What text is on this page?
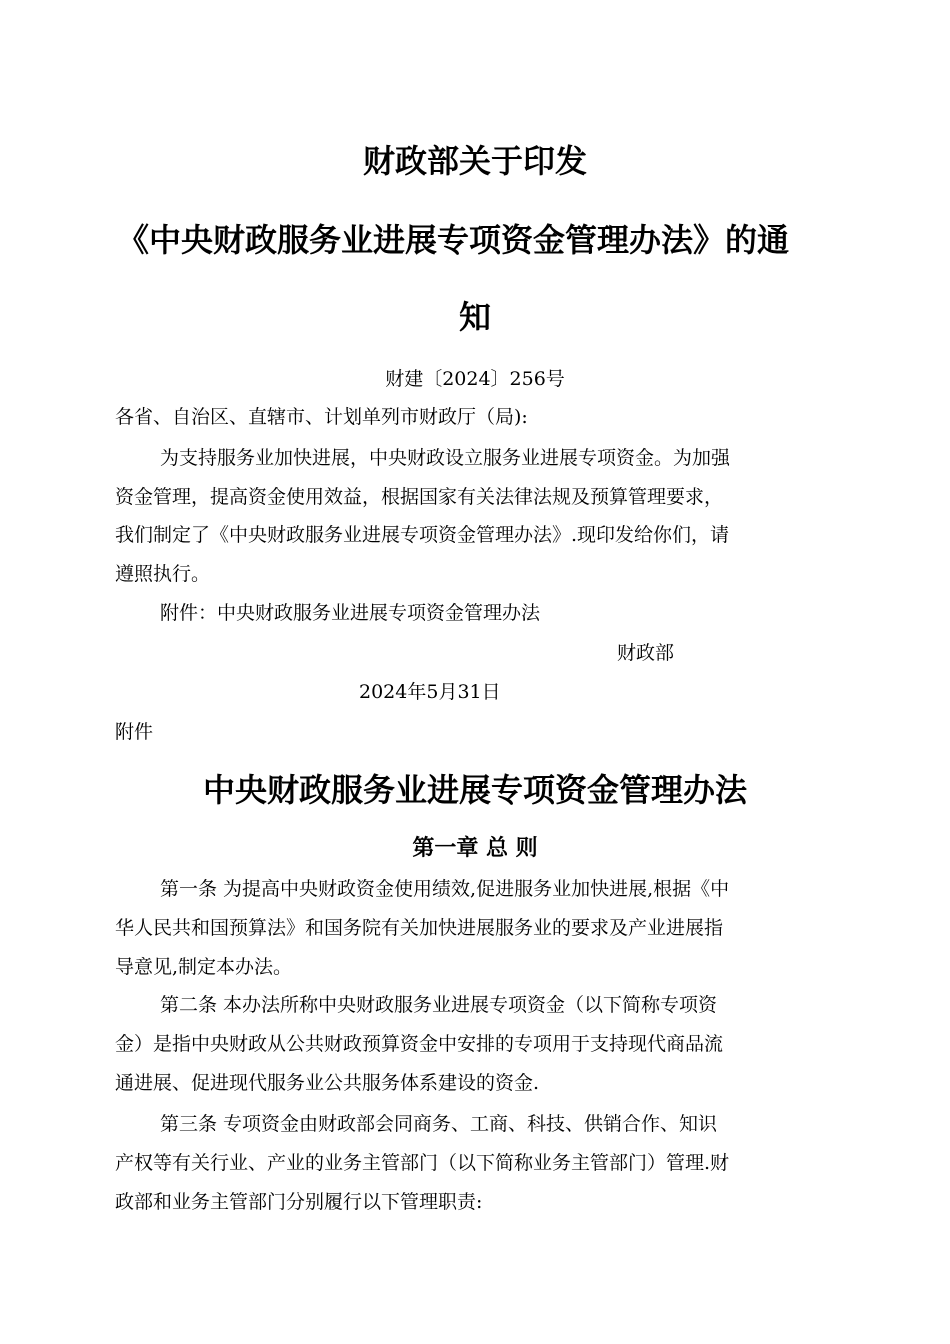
财政部关于印发
《中央财政服务业进展专项资金管理办法》的通
知
财建〔2024〕256号
各省、自治区、直辖市、计划单列市财政厅（局):
为支持服务业加快进展，中央财政设立服务业进展专项资金。为加强
资金管理，提高资金使用效益，根据国家有关法律法规及预算管理要求，
我们制定了《中央财政服务业进展专项资金管理办法》.现印发给你们，请
遵照执行。
附件：中央财政服务业进展专项资金管理办法
财政部
2024年5月31日
附件
中央财政服务业进展专项资金管理办法
第一章 总 则
第一条 为提高中央财政资金使用绩效,促进服务业加快进展,根据《中
华人民共和国预算法》和国务院有关加快进展服务业的要求及产业进展指
导意见,制定本办法。
第二条 本办法所称中央财政服务业进展专项资金（以下简称专项资
金）是指中央财政从公共财政预算资金中安排的专项用于支持现代商品流
通进展、促进现代服务业公共服务体系建设的资金.
第三条 专项资金由财政部会同商务、工商、科技、供销合作、知识
产权等有关行业、产业的业务主管部门（以下简称业务主管部门）管理.财
政部和业务主管部门分别履行以下管理职责:
